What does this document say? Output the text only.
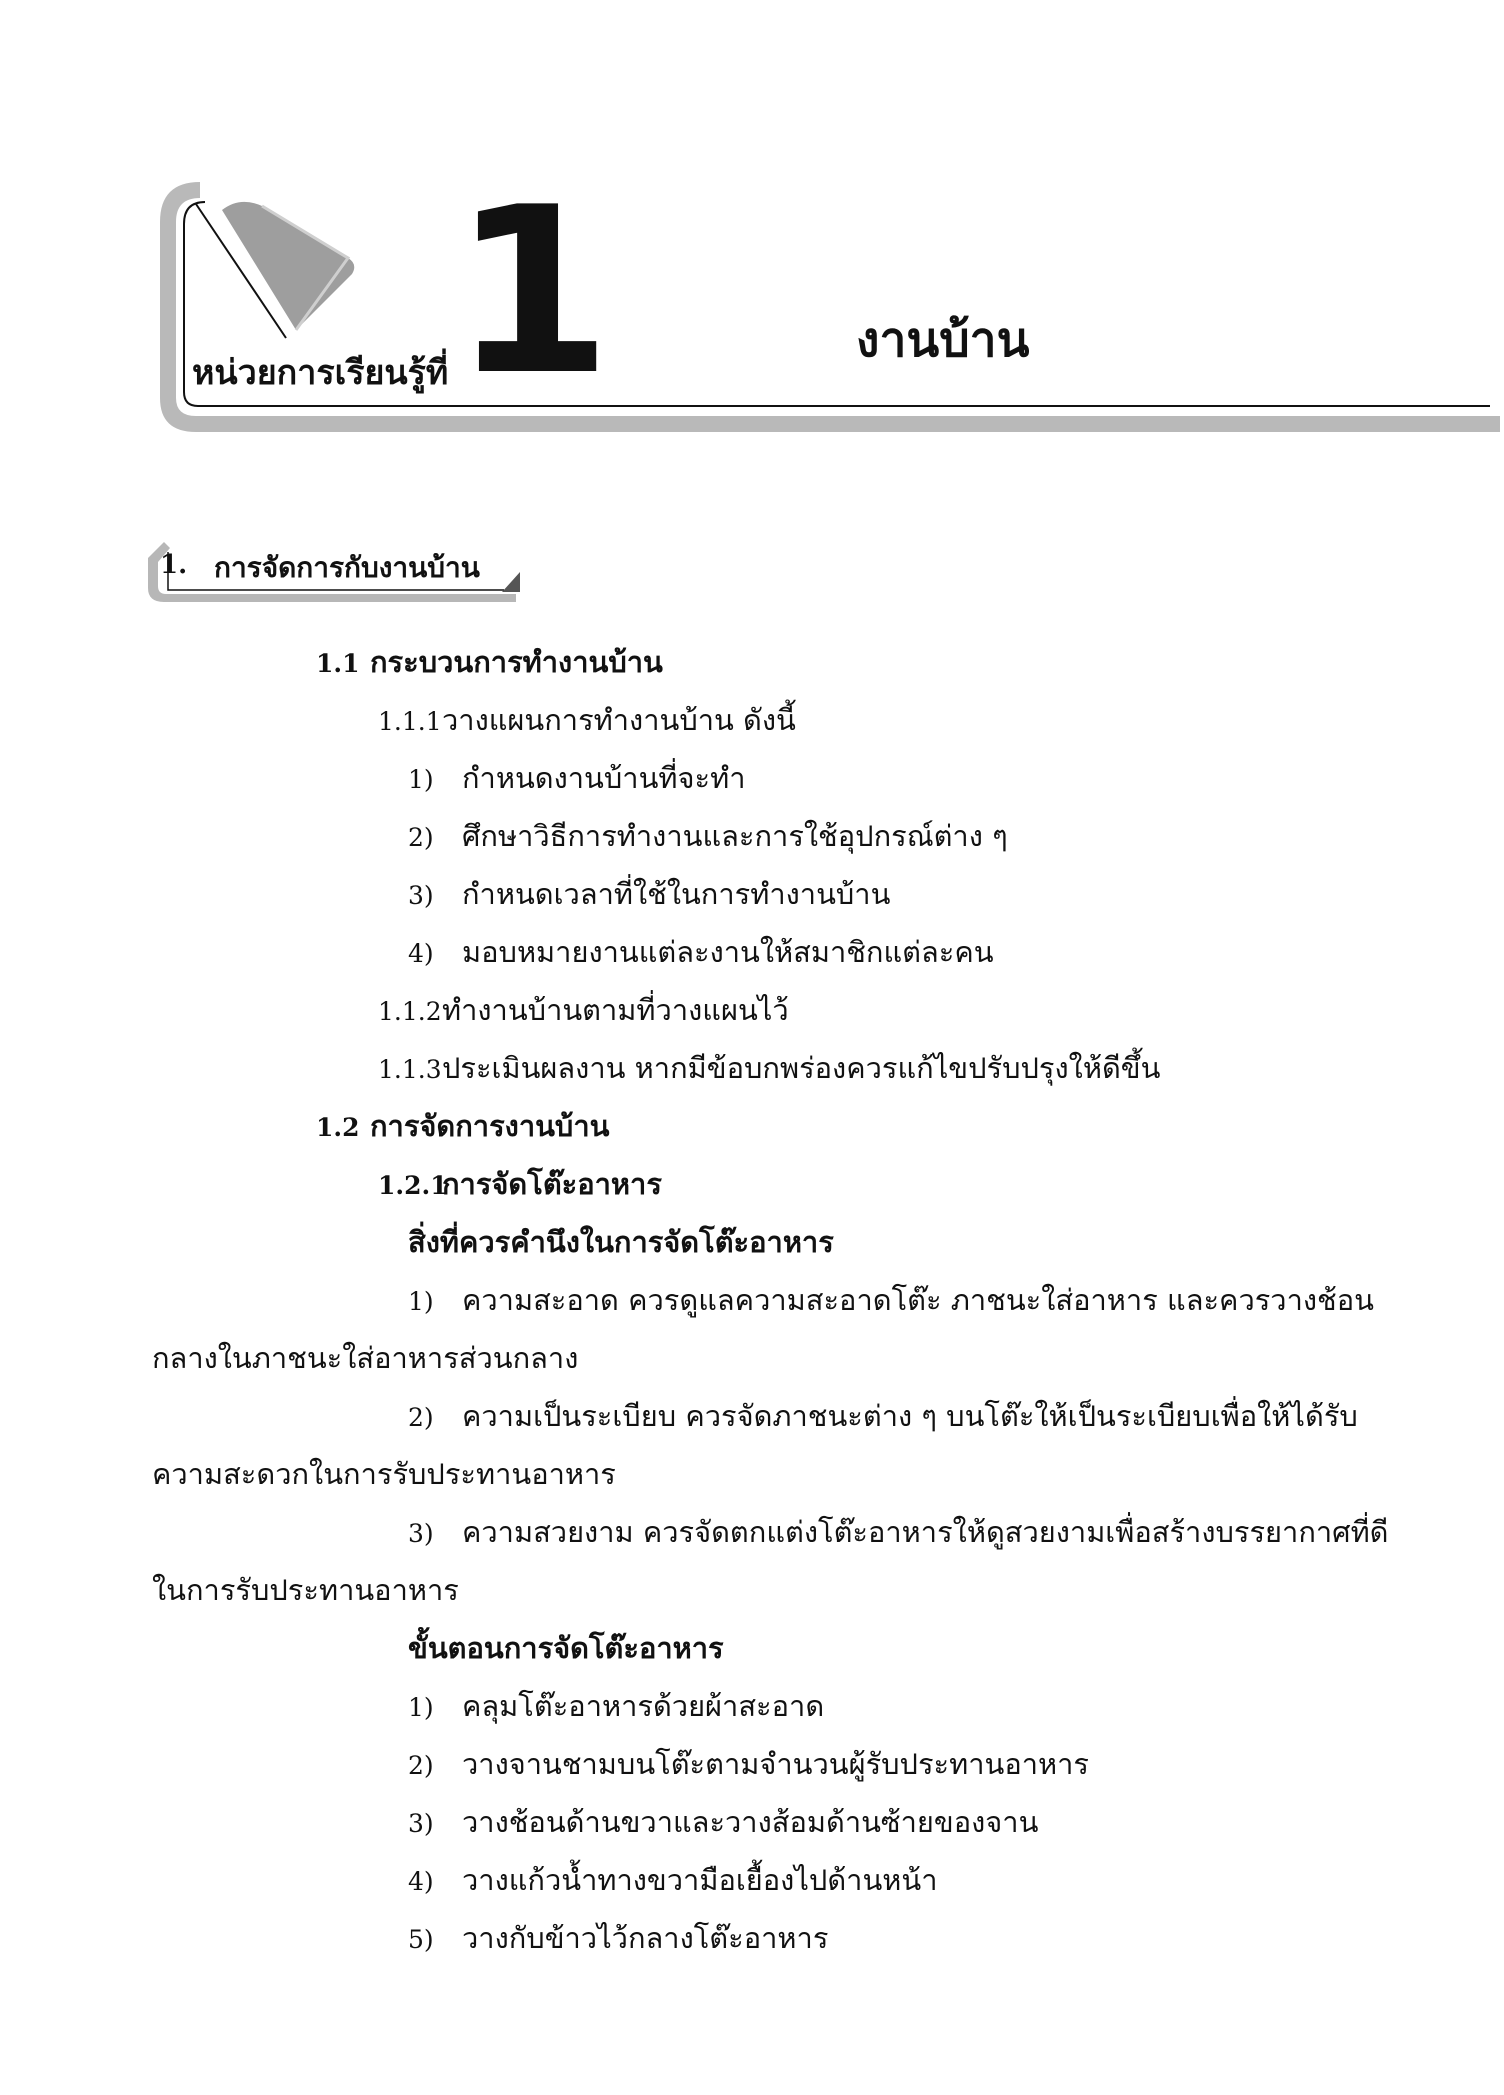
หน่วยการเรียนรู้ที่ 1	งานบ้าน
1. การจัดการกับงานบ้าน
1.1 กระบวนการทำงานบ้าน
1.1.1วางแผนการทำงานบ้าน ดังนี้
1) กำหนดงานบ้านที่จะทำ
2) ศึกษาวิธีการทำงานและการใช้อุปกรณ์ต่าง ๆ
3) กำหนดเวลาที่ใช้ในการทำงานบ้าน
4) มอบหมายงานแต่ละงานให้สมาชิกแต่ละคน
1.1.2ทำงานบ้านตามที่วางแผนไว้
1.1.3ประเมินผลงาน หากมีข้อบกพร่องควรแก้ไขปรับปรุงให้ดีขึ้น
1.2 การจัดการงานบ้าน
1.2.1การจัดโต๊ะอาหาร
สิ่งที่ควรคำนึงในการจัดโต๊ะอาหาร
1) ความสะอาด ควรดูแลความสะอาดโต๊ะ ภาชนะใส่อาหาร และควรวางช้อน
กลางในภาชนะใส่อาหารส่วนกลาง
2) ความเป็นระเบียบ ควรจัดภาชนะต่าง ๆ บนโต๊ะให้เป็นระเบียบเพื่อให้ได้รับ
ความสะดวกในการรับประทานอาหาร
3) ความสวยงาม ควรจัดตกแต่งโต๊ะอาหารให้ดูสวยงามเพื่อสร้างบรรยากาศที่ดี
ในการรับประทานอาหาร
ขั้นตอนการจัดโต๊ะอาหาร
1) คลุมโต๊ะอาหารด้วยผ้าสะอาด
2) วางจานชามบนโต๊ะตามจำนวนผู้รับประทานอาหาร
3) วางช้อนด้านขวาและวางส้อมด้านซ้ายของจาน
4) วางแก้วน้ำทางขวามือเยื้องไปด้านหน้า
5) วางกับข้าวไว้กลางโต๊ะอาหาร
